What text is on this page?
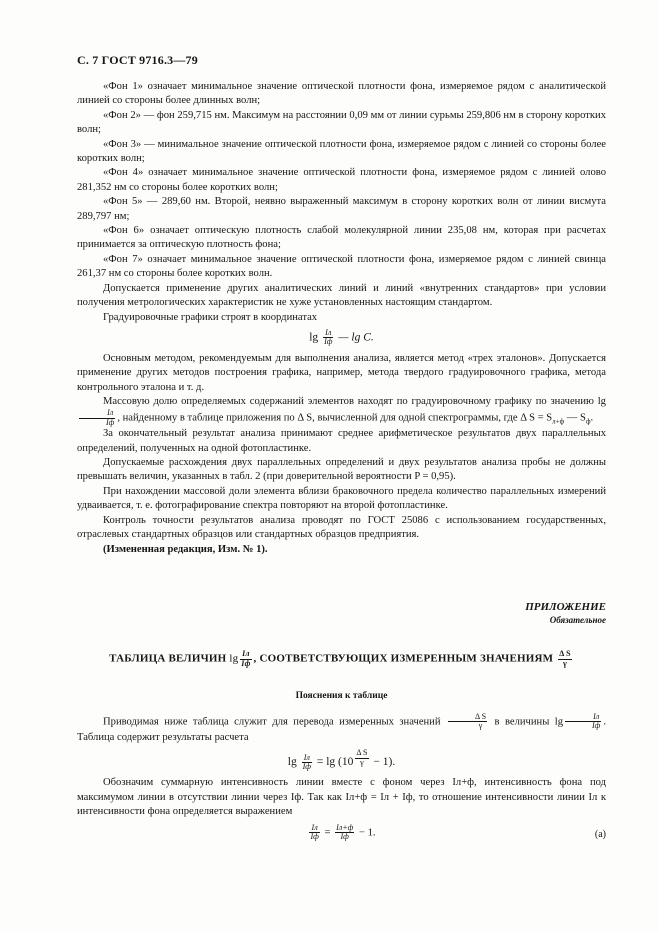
С. 7 ГОСТ 9716.3—79

«Фон 1» означает минимальное значение оптической плотности фона, измеряемое рядом с аналитической линией со стороны более длинных волн;

«Фон 2» — фон 259,715 нм. Максимум на расстоянии 0,09 мм от линии сурьмы 259,806 нм в сторону коротких волн;

«Фон 3» — минимальное значение оптической плотности фона, измеряемое рядом с линией со стороны более коротких волн;

«Фон 4» означает минимальное значение оптической плотности фона, измеряемое рядом с линией олово 281,352 нм со стороны более коротких волн;

«Фон 5» — 289,60 нм. Второй, неявно выраженный максимум в сторону коротких волн от линии висмута 289,797 нм;

«Фон 6» означает оптическую плотность слабой молекулярной линии 235,08 нм, которая при расчетах принимается за оптическую плотность фона;

«Фон 7» означает минимальное значение оптической плотности фона, измеряемое рядом с линией свинца 261,37 нм со стороны более коротких волн.

Допускается применение других аналитических линий и линий «внутренних стандартов» при условии получения метрологических характеристик не хуже установленных настоящим стандартом.

Градуировочные графики строят в координатах

$\lg \frac{Iл}{Iф}$ — lg C.

Основным методом, рекомендуемым для выполнения анализа, является метод «трех эталонов». Допускается применение других методов построения графика, например, метода твердого градуировочного графика, метода контрольного эталона и т. д.

Массовую долю определяемых содержаний элементов находят по градуировочному графику по значению lg
$\frac{Iл}{Iф}$ , найденному в таблице приложения по Δ S, вычисленной для одной спектрограммы, где Δ $S = S_{л+ф}$ — $S_ф$.

За окончательный результат анализа принимают среднее арифметическое результатов двух параллельных определений, полученных на одной фотопластинке.

Допускаемые расхождения двух параллельных определений и двух результатов анализа пробы не должны превышать величин, указанных в табл. 2 (при доверительной вероятности P = 0,95).

При нахождении массовой доли элемента вблизи браковочного предела количество параллельных измерений удваивается, т. е. фотографирование спектра повторяют на второй фотопластинке.

Контроль точности результатов анализа проводят по ГОСТ 25086 с использованием государственных, отраслевых стандартных образцов или стандартных образцов предприятия.

(Измененная редакция, Изм. № 1).

ПРИЛОЖЕНИЕ

Обязательное

ТАБЛИЦА ВЕЛИЧИН $\lg \frac{Iл}{Iф}$ , СООТВЕТСТВУЮЩИХ ИЗМЕРЕННЫМ ЗНАЧЕНИЯМ $\frac{\text{Δ S}}{\gamma}$

Пояснения к таблице

Приводимая ниже таблица служит для перевода измеренных значений $\frac{\text{Δ S}}{\gamma}$ в величины $\lg \frac{Iл}{Iф}$ . Таблица содержит результаты расчета

$\lg \frac{Iл}{Iф} = \lg (10$ $^{\frac{\text{Δ S}}{\gamma}}$ − 1).

Обозначим суммарную интенсивность линии вместе с фоном через Iл+ф, интенсивность фона под максимумом линии в отсутствии линии через Iф. Так как Iл+ф = Iл + Iф, то отношение интенсивности линии Iл к интенсивности фона определяется выражением

$\frac{Iл}{Iф} = \frac{Iл+ф}{Iф} - 1$.	(a)
